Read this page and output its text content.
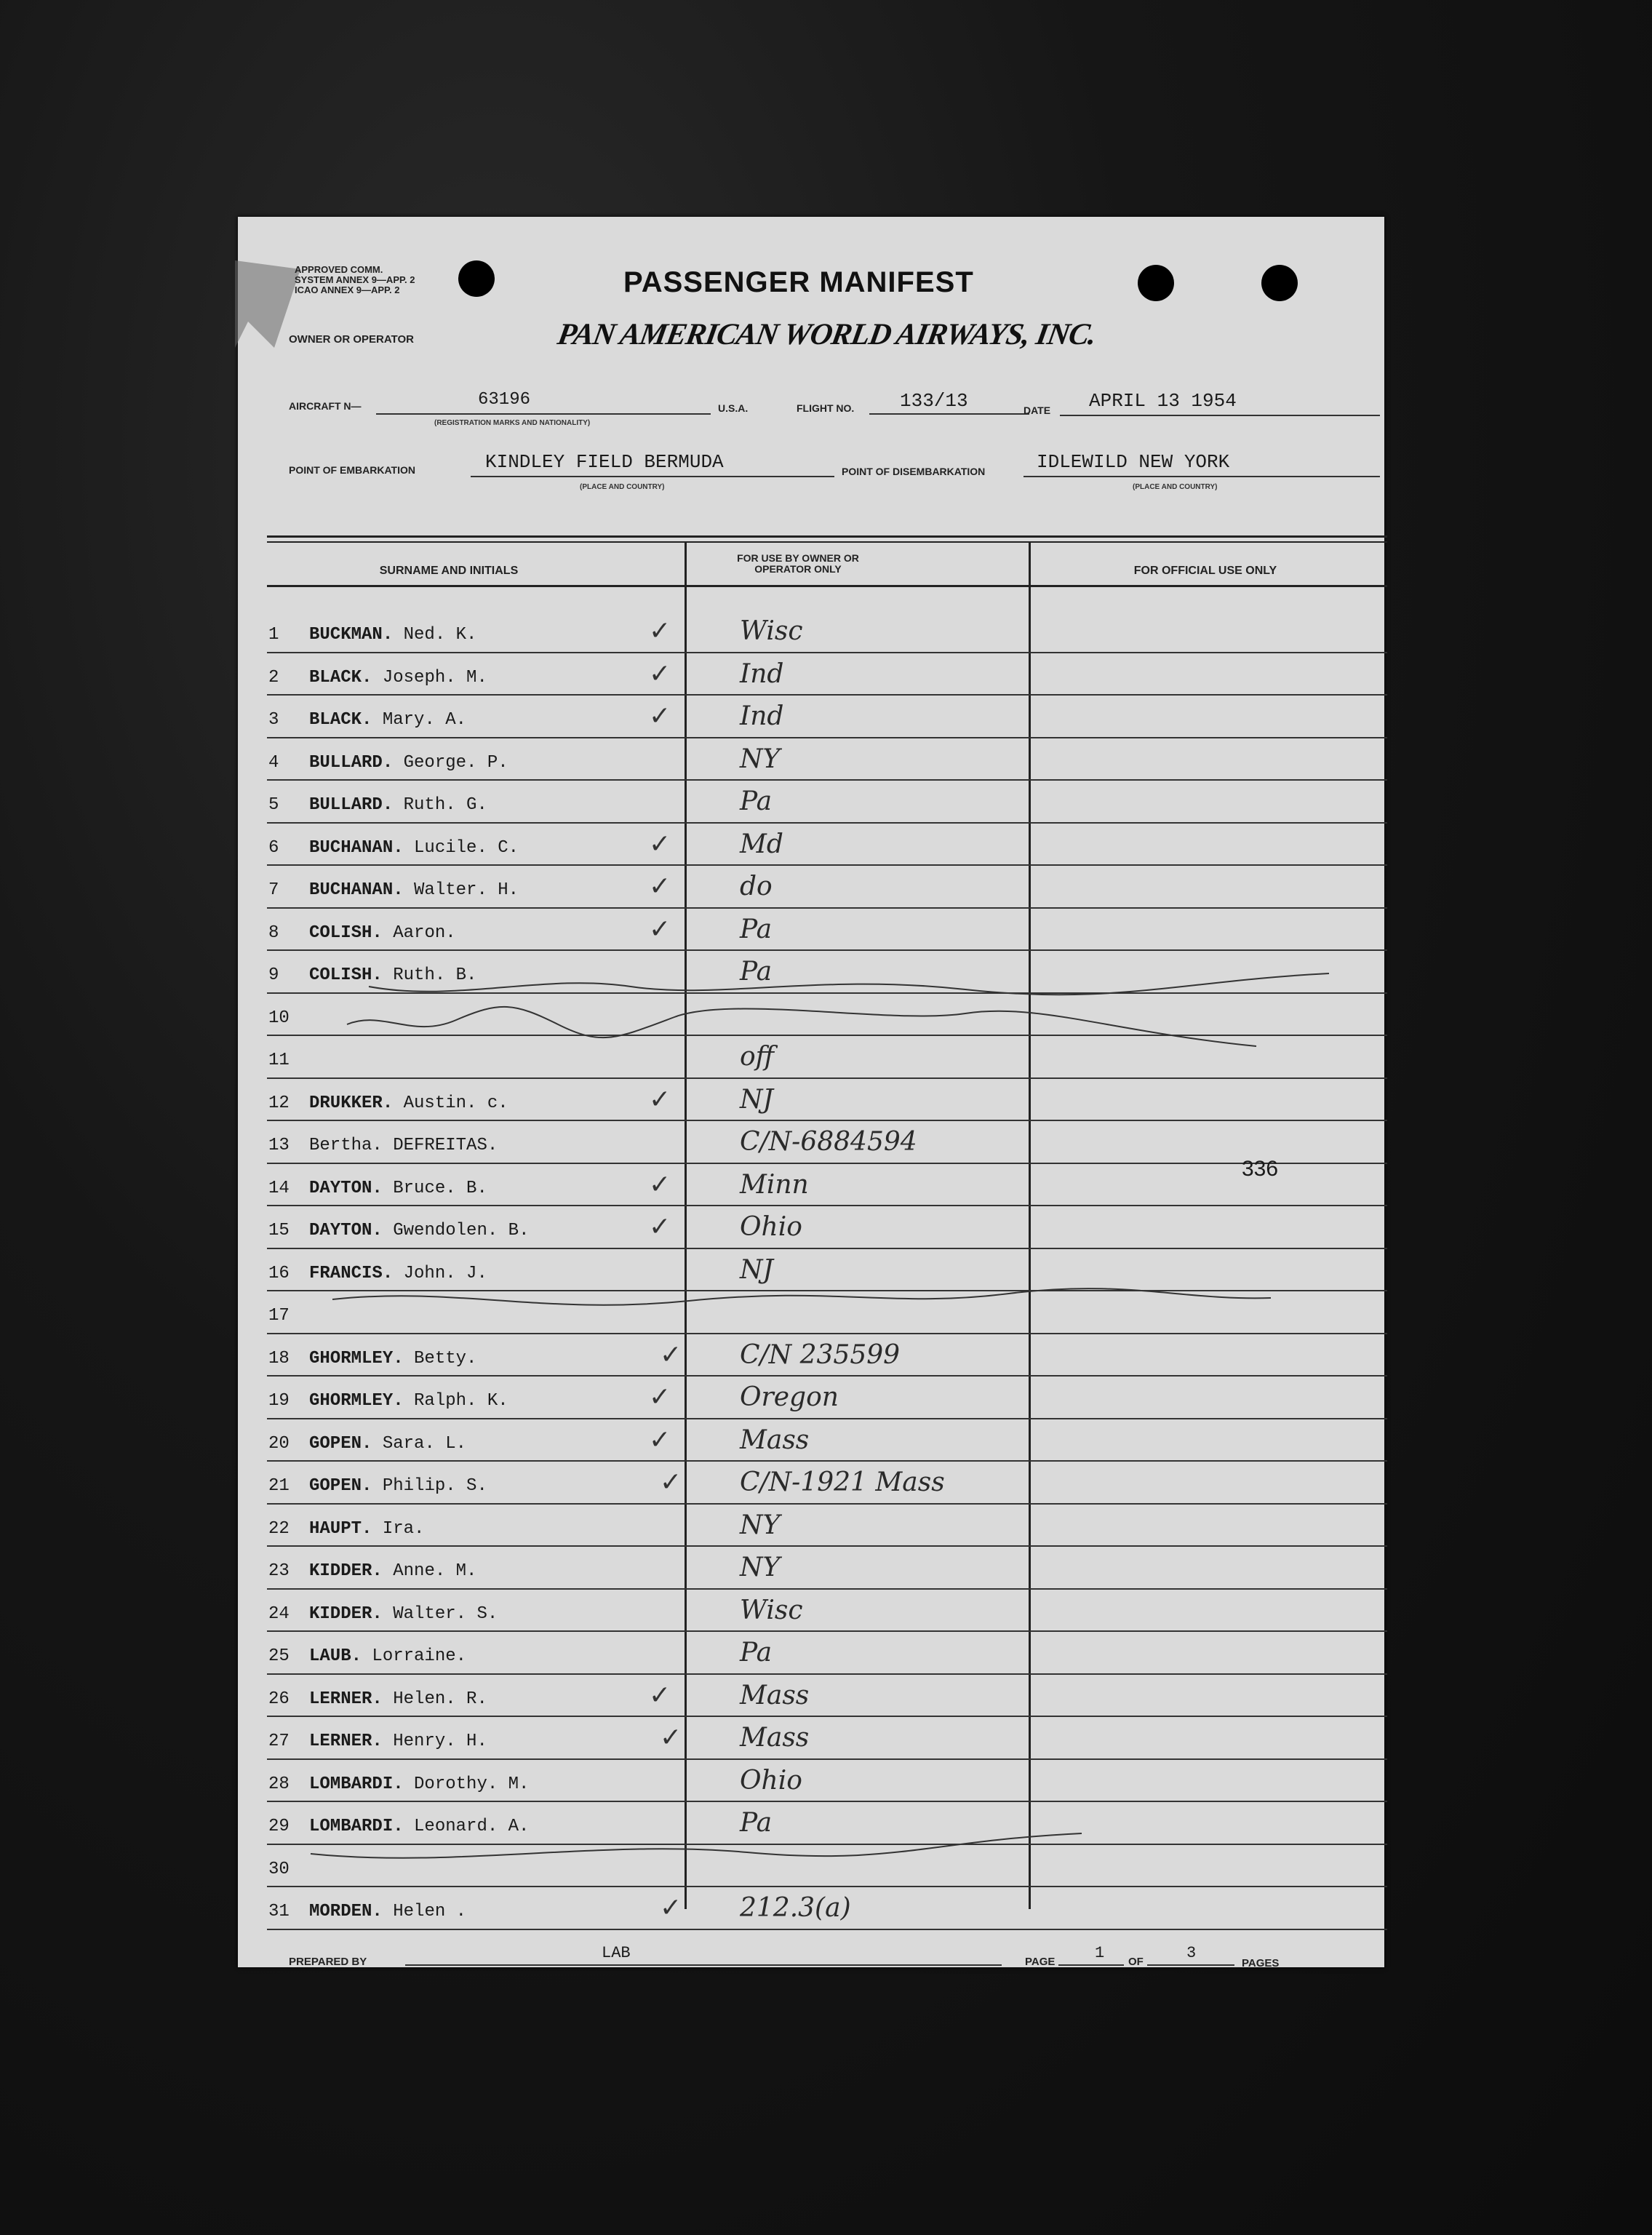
APPROVED COMM.
SYSTEM ANNEX 9—APP. 2
ICAO ANNEX 9—APP. 2	PASSENGER MANIFEST
OWNER OR OPERATOR	PAN AMERICAN WORLD AIRWAYS, INC.
AIRCRAFT N—	63196
(REGISTRATION MARKS AND NATIONALITY)
U.S.A.	FLIGHT NO. 133/13	DATE APRIL 13 1954
POINT OF EMBARKATION	KINDLEY FIELD BERMUDA
(PLACE AND COUNTRY)
POINT OF DISEMBARKATION	IDLEWILD NEW YORK
(PLACE AND COUNTRY)
SURNAME AND INITIALS
FOR USE BY OWNER OR OPERATOR ONLY	FOR OFFICIAL USE ONLY
1	BUCKMAN. Ned. K.	✓	Wisc
2	BLACK. Joseph. M.	✓	Ind
3	BLACK. Mary. A.	✓	Ind
4	BULLARD. George. P.	NY
5	BULLARD. Ruth. G.	Pa
6	BUCHANAN. Lucile. C.	✓	Md
7	BUCHANAN. Walter. H.	✓	do
8	COLISH. Aaron.	✓	Pa
9	COLISH. Ruth. B.	Pa
10
11	off
12	DRUKKER. Austin. c.	✓	NJ
13	Bertha. DEFREITAS.	C/N-6884594
14	DAYTON. Bruce. B.	✓	Minn
336
15	DAYTON. Gwendolen. B.	✓	Ohio
16	FRANCIS. John. J.	NJ
17
18	GHORMLEY. Betty.	✓ C/N 235599
19	GHORMLEY. Ralph. K.	✓	Oregon
20	GOPEN. Sara. L.	✓	Mass
21	GOPEN. Philip. S.	✓ C/N-1921 Mass
22	HAUPT. Ira.	NY
23	KIDDER. Anne. M.	NY
24	KIDDER. Walter. S.	Wisc
25	LAUB. Lorraine.	Pa
26	LERNER. Helen. R.	✓	Mass
27	LERNER. Henry. H.	✓ Mass
28	LOMBARDI. Dorothy. M.	Ohio
29	LOMBARDI. Leonard. A.	Pa
30
31	MORDEN. Helen .	✓ 212.3(a)
PREPARED BY	LAB	PAGE 1 OF	3
PAGES
